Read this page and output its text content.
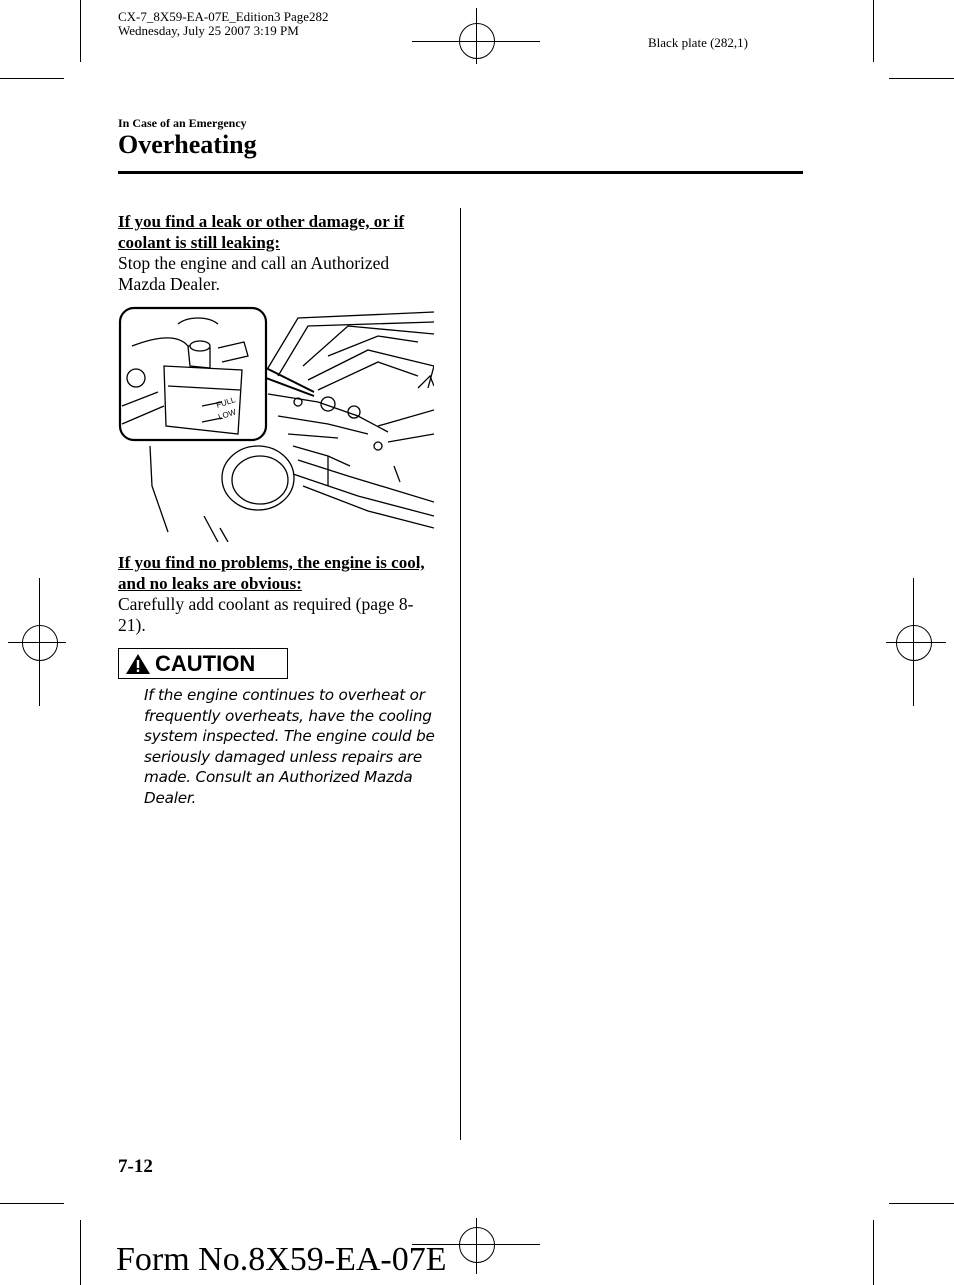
CX-7_8X59-EA-07E_Edition3 Page282
Wednesday, July 25 2007 3:19 PM
Black plate (282,1)
In Case of an Emergency
Overheating
If you find a leak or other damage, or if coolant is still leaking:
Stop the engine and call an Authorized Mazda Dealer.
FULL
LOW
If you find no problems, the engine is cool, and no leaks are obvious:
Carefully add coolant as required (page 8-21).
CAUTION
If the engine continues to overheat or frequently overheats, have the cooling system inspected. The engine could be seriously damaged unless repairs are made. Consult an Authorized Mazda Dealer.
7-12
Form No.8X59-EA-07E
